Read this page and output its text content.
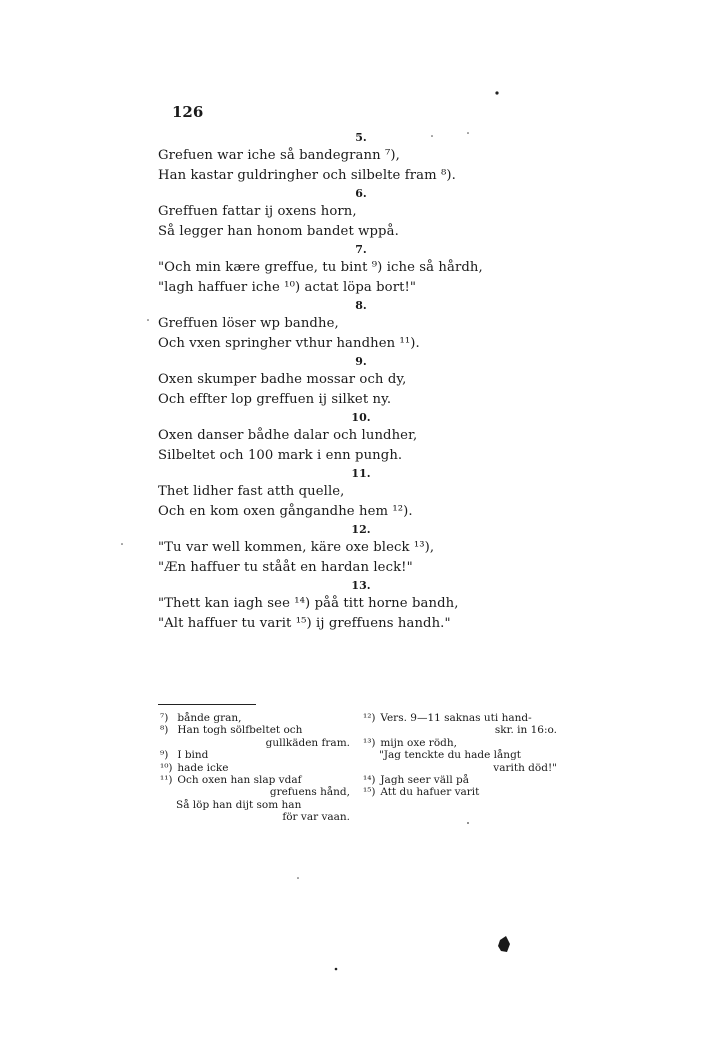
126
5.
Grefuen war iche så bandegrann ⁷),
Han kastar guldringher och silbelte fram ⁸).
6.
Greffuen fattar ij oxens horn,
Så legger han honom bandet wppå.
7.
"Och min kære greffue, tu bint ⁹) iche så hårdh,
"lagh haffuer iche ¹⁰) actat löpa bort!"
8.
Greffuen löser wp bandhe,
Och vxen springher vthur handhen ¹¹).
9.
Oxen skumper badhe mossar och dy,
Och effter lop greffuen ij silket ny.
10.
Oxen danser bådhe dalar och lundher,
Silbeltet och 100 mark i enn pungh.
11.
Thet lidher fast atth quelle,
Och en kom oxen gångandhe hem ¹²).
12.
"Tu var well kommen, käre oxe bleck ¹³),
"Æn haffuer tu stååt en hardan leck!"
13.
"Thett kan iagh see ¹⁴) påå titt horne bandh,
"Alt haffuer tu varit ¹⁵) ij greffuens handh."
⁷) bånde gran,
⁸) Han togh sölfbeltet och
gullkäden fram.
⁹) I bind
¹⁰) hade icke
¹¹) Och oxen han slap vdaf
grefuens hånd,
Så löp han dijt som han
för var vaan.
¹²) Vers. 9—11 saknas uti hand-
skr. in 16:o.
¹³) mijn oxe rödh,
"Jag tenckte du hade långt
varith död!"
¹⁴) Jagh seer väll på
¹⁵) Att du hafuer varit
